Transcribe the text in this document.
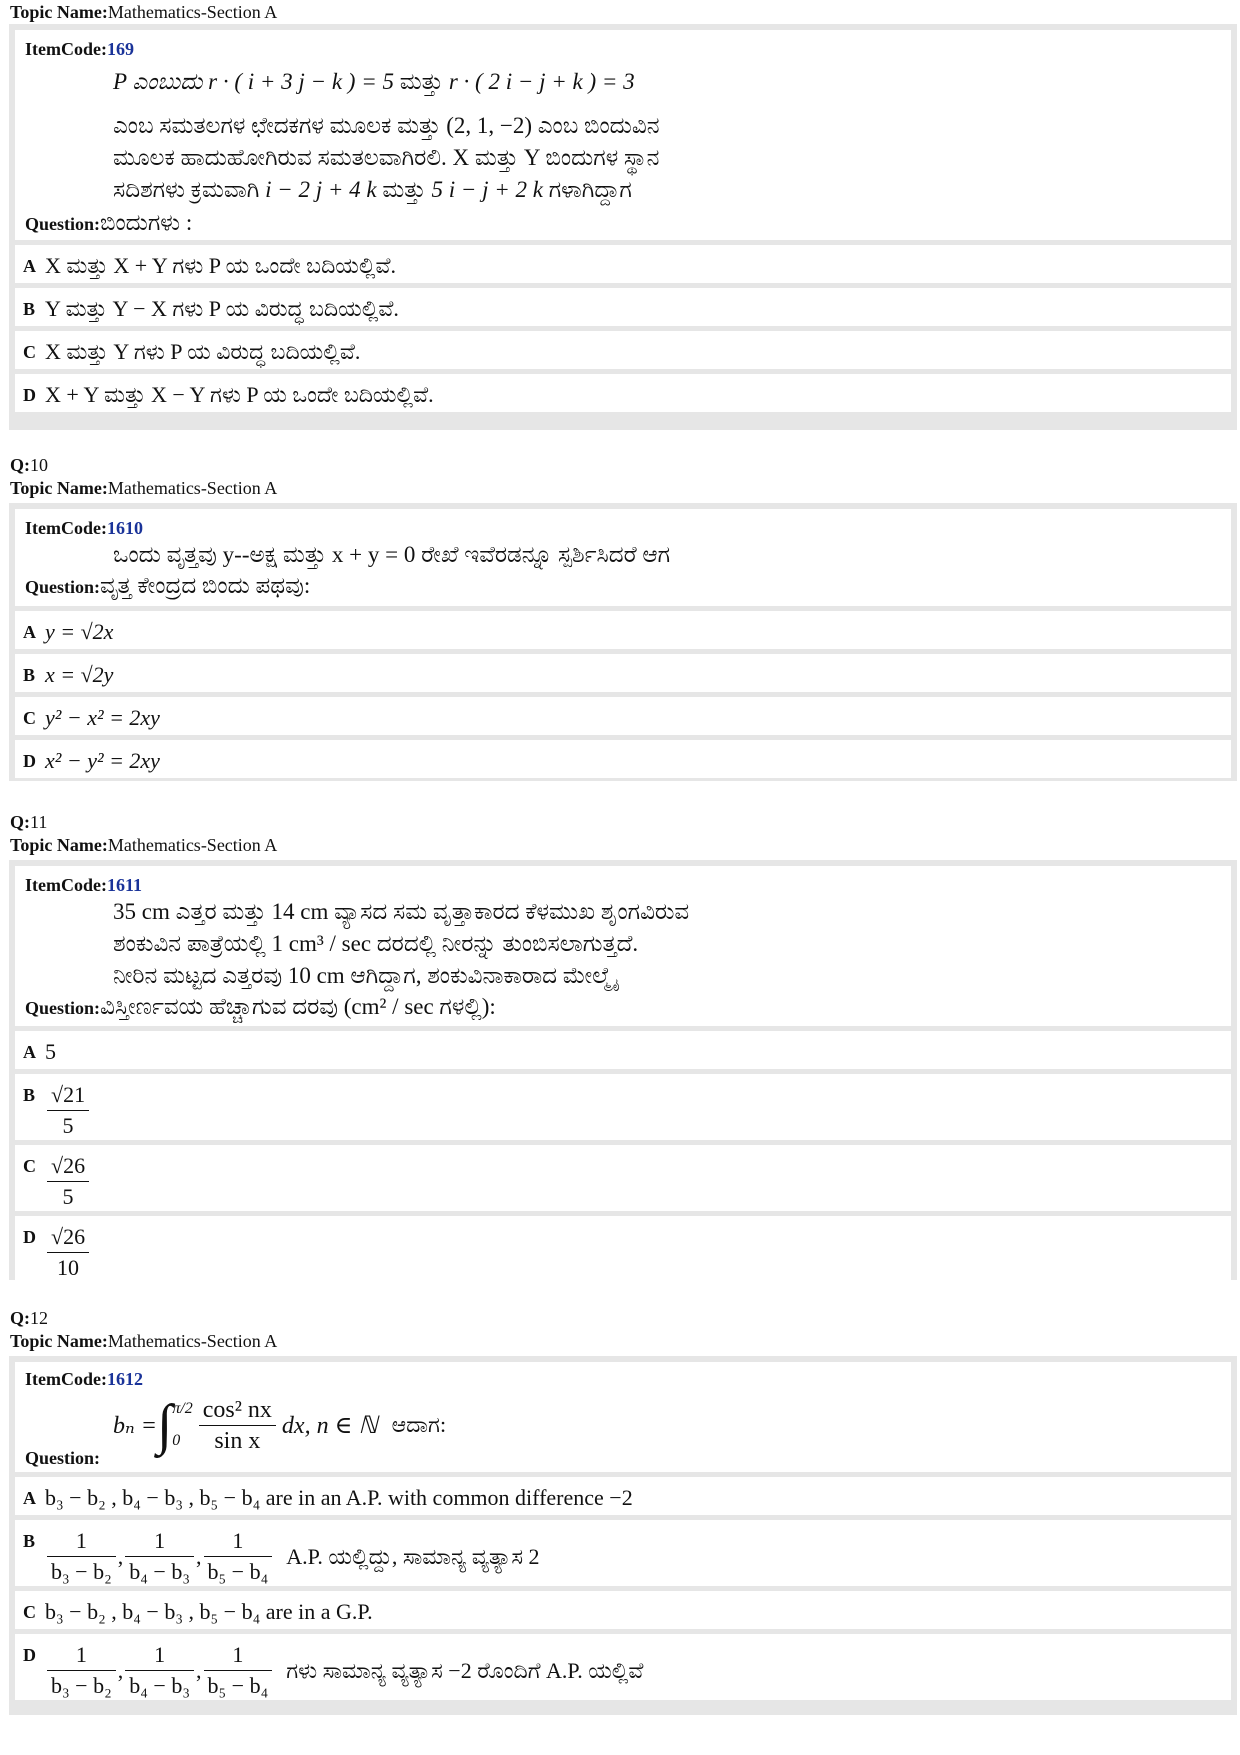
Topic Name:Mathematics-Section A
ItemCode:169
P ಎಂಬುದು r · ( i + 3 j − k ) = 5 ಮತ್ತು r · ( 2 i − j + k ) = 3
ಎಂಬ ಸಮತಲಗಳ ಛೇದಕಗಳ ಮೂಲಕ ಮತ್ತು (2, 1, −2) ಎಂಬ ಬಿಂದುವಿನ
ಮೂಲಕ ಹಾದುಹೋಗಿರುವ ಸಮತಲವಾಗಿರಲಿ. X ಮತ್ತು Y ಬಿಂದುಗಳ ಸ್ಥಾನ
ಸದಿಶಗಳು ಕ್ರಮವಾಗಿ i − 2 j + 4 k ಮತ್ತು 5 i − j + 2 k ಗಳಾಗಿದ್ದಾಗ
Question:ಬಿಂದುಗಳು :
A X ಮತ್ತು X + Y ಗಳು P ಯ ಒಂದೇ ಬದಿಯಲ್ಲಿವೆ.
B Y ಮತ್ತು Y − X ಗಳು P ಯ ವಿರುದ್ಧ ಬದಿಯಲ್ಲಿವೆ.
C X ಮತ್ತು Y ಗಳು P ಯ ವಿರುದ್ಧ ಬದಿಯಲ್ಲಿವೆ.
D X + Y ಮತ್ತು X − Y ಗಳು P ಯ ಒಂದೇ ಬದಿಯಲ್ಲಿವೆ.
Q:10
Topic Name:Mathematics-Section A
ItemCode:1610
ಒಂದು ವೃತ್ತವು y--ಅಕ್ಷ ಮತ್ತು x + y = 0 ರೇಖೆ ಇವೆರಡನ್ನೂ ಸ್ಪರ್ಶಿಸಿದರೆ ಆಗ
Question:ವೃತ್ತ ಕೇಂದ್ರದ ಬಿಂದು ಪಥವು:
A y = √2x
B x = √2y
C y² − x² = 2xy
D x² − y² = 2xy
Q:11
Topic Name:Mathematics-Section A
ItemCode:1611
35 cm ಎತ್ತರ ಮತ್ತು 14 cm ವ್ಯಾಸದ ಸಮ ವೃತ್ತಾಕಾರದ ಕೆಳಮುಖ ಶೃಂಗವಿರುವ
ಶಂಕುವಿನ ಪಾತ್ರೆಯಲ್ಲಿ 1 cm³ / sec ದರದಲ್ಲಿ ನೀರನ್ನು ತುಂಬಿಸಲಾಗುತ್ತದೆ.
ನೀರಿನ ಮಟ್ಟದ ಎತ್ತರವು 10 cm ಆಗಿದ್ದಾಗ, ಶಂಕುವಿನಾಕಾರಾದ ಮೇಲ್ಮೈ
Question:ವಿಸ್ತೀರ್ಣವಯ ಹೆಚ್ಚಾಗುವ ದರವು (cm² / sec ಗಳಲ್ಲಿ):
A 5
B $\frac{√21}{5}$
C $\frac{√26}{5}$
D $\frac{√26}{10}$
Q:12
Topic Name:Mathematics-Section A
ItemCode:1612
bₙ = ∫ π/2
$0 \frac{\text{cos² nx}}{\text{sin x}}$ dx, n ∈ ℕ ಆದಾಗ:
Question:
A b₃ − b₂ , b₄ − b₃ , b₅ − b₄ are in an A.P. with common difference −2
B $\frac{1}{\text{b₃ − b₂}}$ , $\frac{1}{\text{b₄ − b₃}}$ , $\frac{1}{\text{b₅ − b₄}} A.P$. ಯಲ್ಲಿದ್ದು, ಸಾಮಾನ್ಯ ವ್ಯತ್ಯಾಸ 2
C b₃ − b₂ , b₄ − b₃ , b₅ − b₄ are in a G.P.
D $\frac{1}{\text{b₃ − b₂}}$ , $\frac{1}{\text{b₄ − b₃}}$ , $\frac{1}{\text{b₅ − b₄}}$ ಗಳು ಸಾಮಾನ್ಯ ವ್ಯತ್ಯಾಸ −2 ರೊಂದಿಗೆ A.P. ಯಲ್ಲಿವೆ
